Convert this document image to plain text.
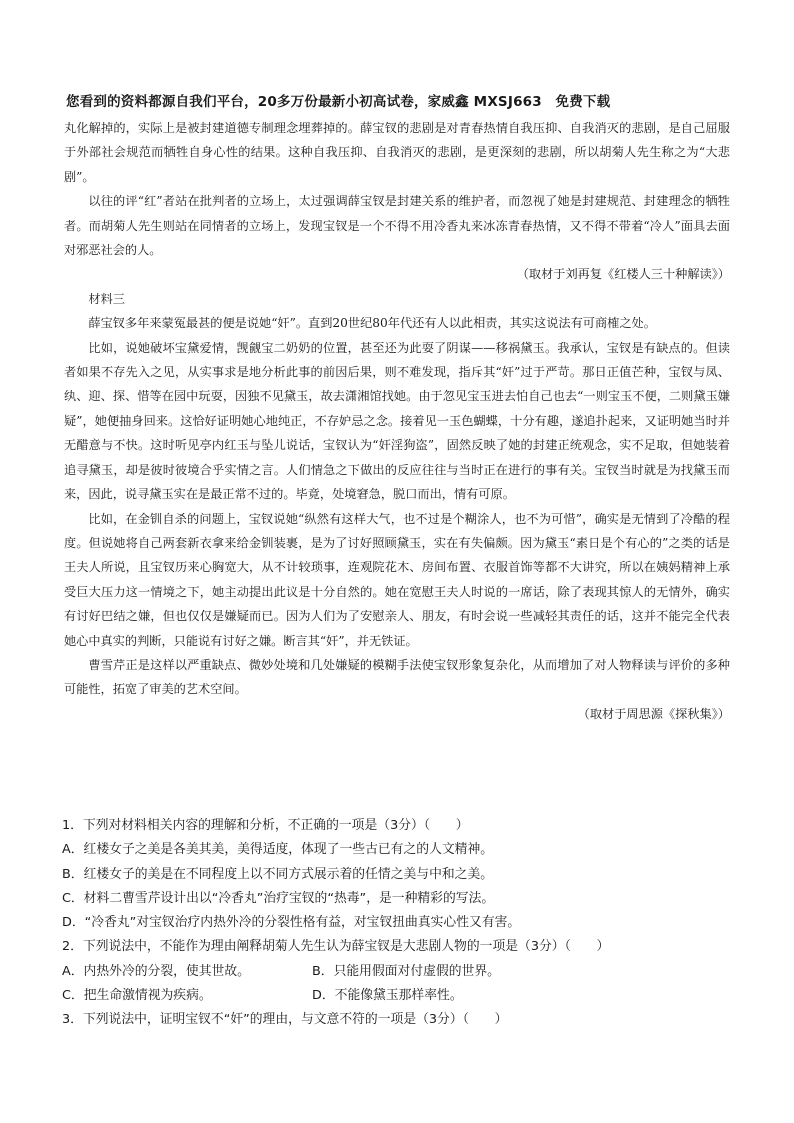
您看到的资料都源自我们平台，20多万份最新小初高试卷，家威鑫 MXSJ663　免费下载

丸化解掉的，实际上是被封建道德专制理念埋葬掉的。薛宝钗的悲剧是对青春热情自我压抑、自我消灭的悲剧，是自己屈服于外部社会规范而牺牲自身心性的结果。这种自我压抑、自我消灭的悲剧，是更深刻的悲剧，所以胡菊人先生称之为“大悲剧”。

以往的评“红”者站在批判者的立场上，太过强调薛宝钗是封建关系的维护者，而忽视了她是封建规范、封建理念的牺牲者。而胡菊人先生则站在同情者的立场上，发现宝钗是一个不得不用冷香丸来冰冻青春热情，又不得不带着“冷人”面具去面对邪恶社会的人。

（取材于刘再复《红楼人三十种解读》）

材料三

薛宝钗多年来蒙冤最甚的便是说她“奸”。直到20世纪80年代还有人以此相责，其实这说法有可商榷之处。

比如，说她破坏宝黛爱情，觊觎宝二奶奶的位置，甚至还为此耍了阴谋——移祸黛玉。我承认，宝钗是有缺点的。但读者如果不存先入之见，从实事求是地分析此事的前因后果，则不难发现，指斥其“奸”过于严苛。那日正值芒种，宝钗与凤、纨、迎、探、惜等在园中玩耍，因独不见黛玉，故去潇湘馆找她。由于忽见宝玉进去怕自己也去“一则宝玉不便，二则黛玉嫌疑”，她便抽身回来。这恰好证明她心地纯正，不存妒忌之念。接着见一玉色蝴蝶，十分有趣，遂追扑起来，又证明她当时并无醋意与不快。这时听见亭内红玉与坠儿说话，宝钗认为“奸淫狗盗”，固然反映了她的封建正统观念，实不足取，但她装着追寻黛玉，却是彼时彼境合乎实情之言。人们情急之下做出的反应往往与当时正在进行的事有关。宝钗当时就是为找黛玉而来，因此，说寻黛玉实在是最正常不过的。毕竟，处境窘急，脱口而出，情有可原。

比如，在金钏自杀的问题上，宝钗说她“纵然有这样大气，也不过是个糊涂人，也不为可惜”，确实是无情到了冷酷的程度。但说她将自己两套新衣拿来给金钏装裹，是为了讨好照顾黛玉，实在有失偏颇。因为黛玉“素日是个有心的”之类的话是王夫人所说，且宝钗历来心胸宽大，从不计较琐事，连观院花木、房间布置、衣服首饰等都不大讲究，所以在姨妈精神上承受巨大压力这一情境之下，她主动提出此议是十分自然的。她在宽慰王夫人时说的一席话，除了表现其惊人的无情外，确实有讨好巴结之嫌，但也仅仅是嫌疑而已。因为人们为了安慰亲人、朋友，有时会说一些减轻其责任的话，这并不能完全代表她心中真实的判断，只能说有讨好之嫌。断言其“奸”，并无铁证。

曹雪芹正是这样以严重缺点、微妙处境和几处嫌疑的模糊手法使宝钗形象复杂化，从而增加了对人物释读与评价的多种可能性，拓宽了审美的艺术空间。

（取材于周思源《探秋集》）

1．下列对材料相关内容的理解和分析，不正确的一项是（3分）（　　）
A．红楼女子之美是各美其美，美得适度，体现了一些古已有之的人文精神。
B．红楼女子的美是在不同程度上以不同方式展示着的任情之美与中和之美。
C．材料二曹雪芹设计出以“冷香丸”治疗宝钗的“热毒”，是一种精彩的写法。
D．“冷香丸”对宝钗治疗内热外冷的分裂性格有益，对宝钗扭曲真实心性又有害。
2．下列说法中，不能作为理由阐释胡菊人先生认为薛宝钗是大悲剧人物的一项是（3分）（　　）
A．内热外冷的分裂，使其世故。	B．只能用假面对付虚假的世界。
C．把生命激情视为疾病。	D．不能像黛玉那样率性。
3．下列说法中，证明宝钗不“奸”的理由，与文意不符的一项是（3分）（　　）
